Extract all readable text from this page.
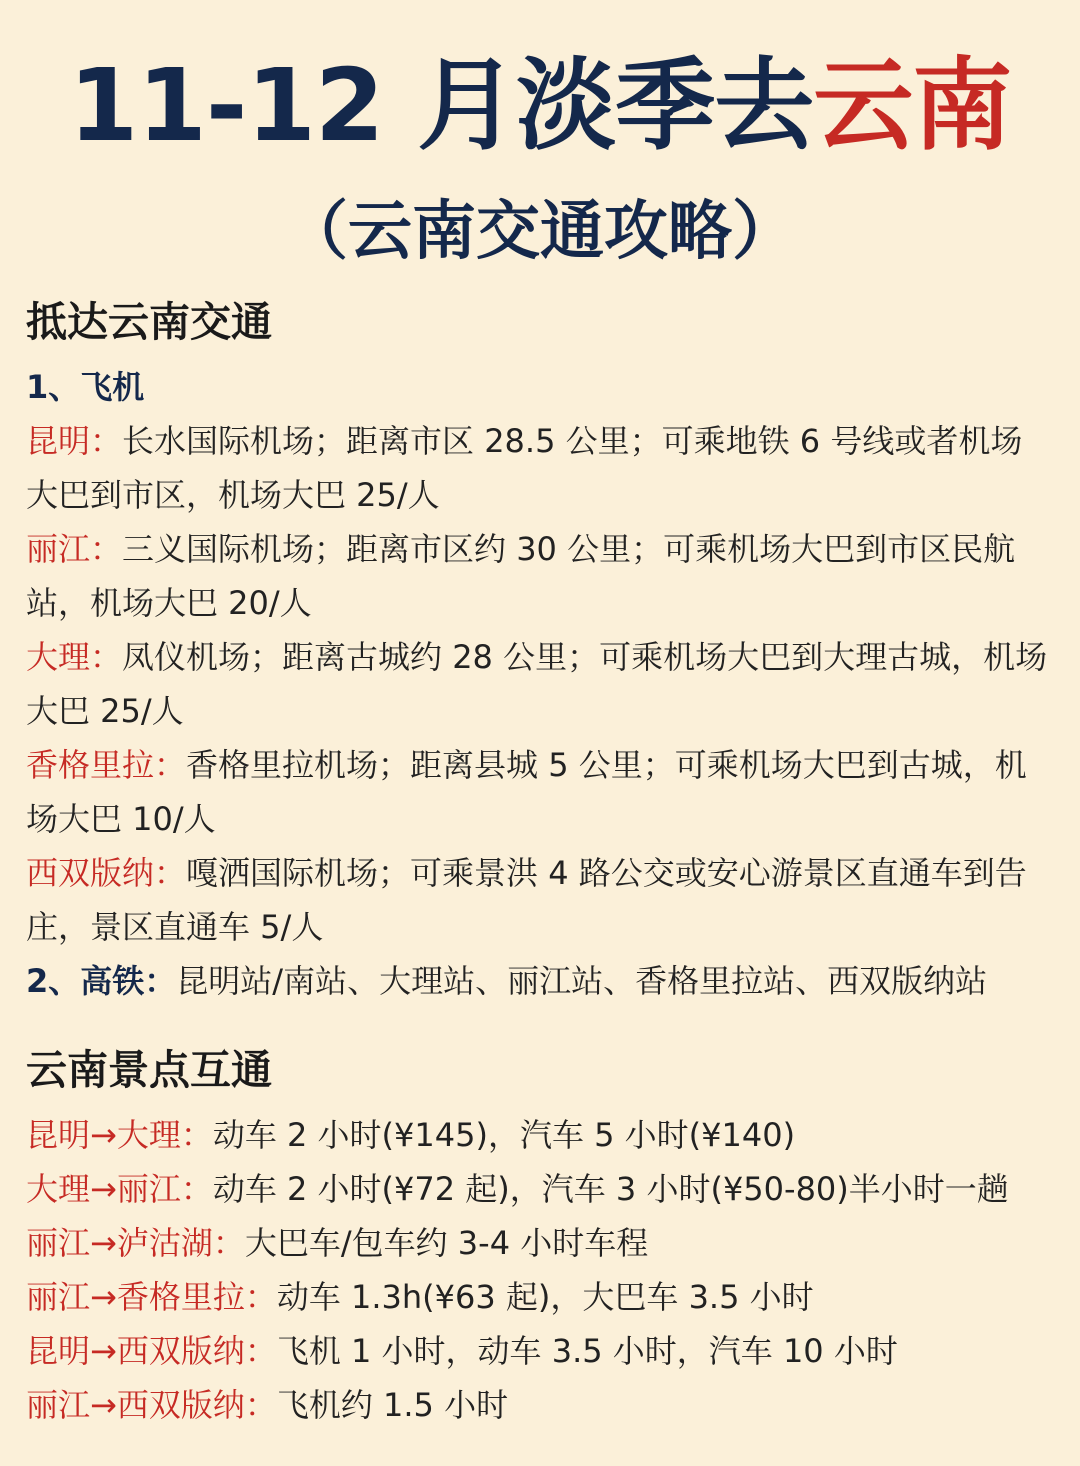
11-12 月淡季去云南
（云南交通攻略）
抵达云南交通
1、飞机
昆明：长水国际机场；距离市区 28.5 公里；可乘地铁 6 号线或者机场大巴到市区，机场大巴 25/人
丽江：三义国际机场；距离市区约 30 公里；可乘机场大巴到市区民航站，机场大巴 20/人
大理：凤仪机场；距离古城约 28 公里；可乘机场大巴到大理古城，机场大巴 25/人
香格里拉：香格里拉机场；距离县城 5 公里；可乘机场大巴到古城，机场大巴 10/人
西双版纳：嘎洒国际机场；可乘景洪 4 路公交或安心游景区直通车到告庄，景区直通车 5/人
2、高铁：昆明站/南站、大理站、丽江站、香格里拉站、西双版纳站
云南景点互通
昆明→大理：动车 2 小时(¥145)，汽车 5 小时(¥140)
大理→丽江：动车 2 小时(¥72 起)，汽车 3 小时(¥50-80)半小时一趟
丽江→泸沽湖：大巴车/包车约 3-4 小时车程
丽江→香格里拉：动车 1.3h(¥63 起)，大巴车 3.5 小时
昆明→西双版纳：飞机 1 小时，动车 3.5 小时，汽车 10 小时
丽江→西双版纳：飞机约 1.5 小时
